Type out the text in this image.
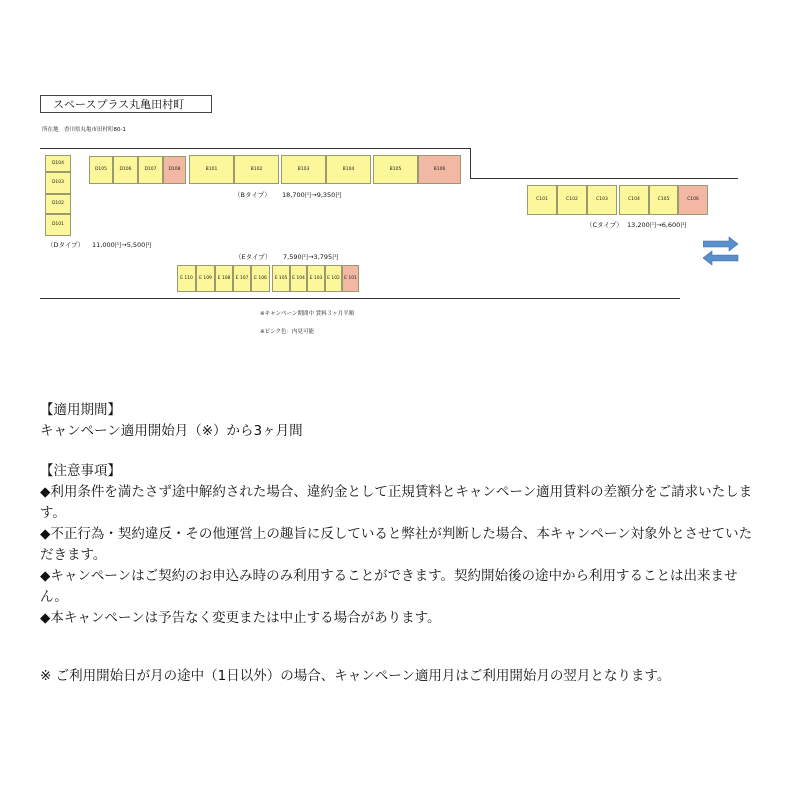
スペースプラス丸亀田村町
所在地　香川県丸亀市田村町80-1
D104
D103
D102
D101
D105	D106	D107	D108	B101	B102	B103	B104	B105	B106
（Bタイプ） 18,700円→9,350円
C101	C102	C103	C104	C105	C106
（Cタイプ） 13,200円→6,600円
（Dタイプ） 11,000円→5,500円
（Eタイプ） 7,590円→3,795円
E 110	E 109	E 108	E 107	E 106	E 105	E 104	E 103	E 102 E 101
※キャンペーン期間中 賃料３ヶ月半額
※ピンク色：内見可能

【適用期間】

キャンペーン適用開始月（※）から3ヶ月間

【注意事項】

◆利用条件を満たさず途中解約された場合、違約金として正規賃料とキャンペーン適用賃料の差額分をご請求いたします。

◆不正行為・契約違反・その他運営上の趣旨に反していると弊社が判断した場合、本キャンペーン対象外とさせていただきます。

◆キャンペーンはご契約のお申込み時のみ利用することができます。契約開始後の途中から利用することは出来ません。

◆本キャンペーンは予告なく変更または中止する場合があります。

※ ご利用開始日が月の途中（1日以外）の場合、キャンペーン適用月はご利用開始月の翌月となります。
